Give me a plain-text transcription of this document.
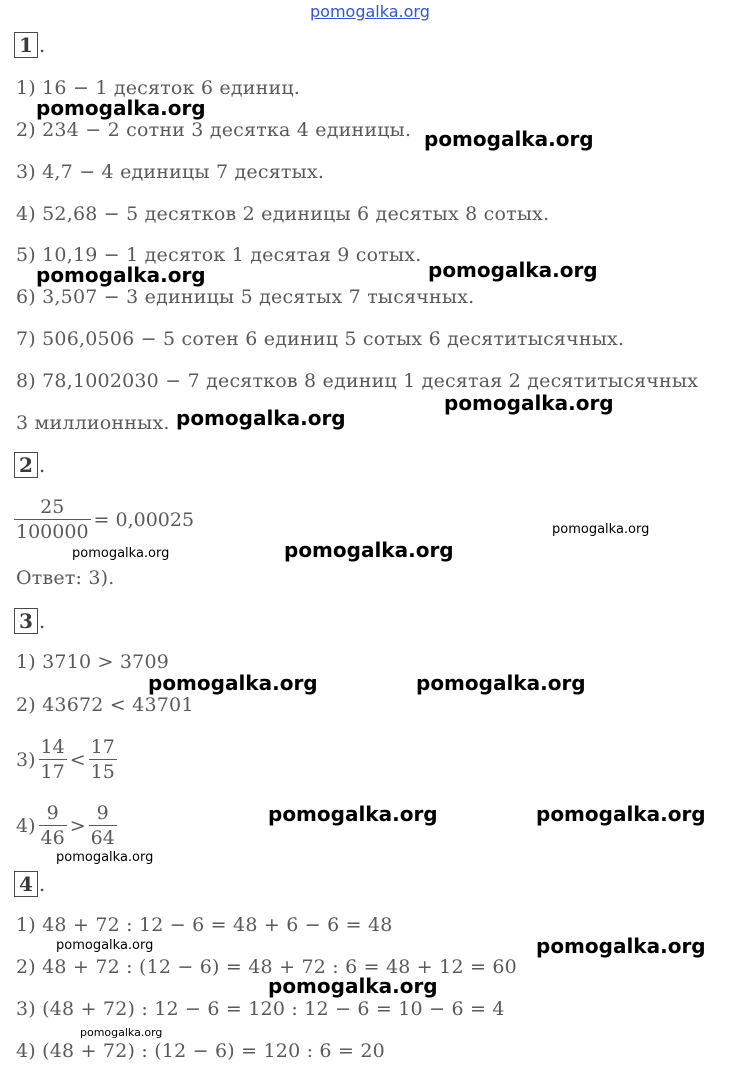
pomogalka.org
1 .
1) 16 − 1 десяток 6 единиц.
2) 234 − 2 сотни 3 десятка 4 единицы.
3) 4,7 − 4 единицы 7 десятых.
4) 52,68 − 5 десятков 2 единицы 6 десятых 8 сотых.
5) 10,19 − 1 десяток 1 десятая 9 сотых.
6) 3,507 − 3 единицы 5 десятых 7 тысячных.
7) 506,0506 − 5 сотен 6 единиц 5 сотых 6 десятитысячных.
8) 78,1002030 − 7 десятков 8 единиц 1 десятая 2 десятитысячных
3 миллионных.
2 .
$\frac{25}{100000} = 0,00025$
Ответ: 3).
3 .
1) 3710 > 3709
2) 43672 < 43701
$3) \frac{14}{17} < \frac{17}{15}$
$4) \frac{9}{46} > \frac{9}{64}$
4 .
1) 48 + 72 : 12 − 6 = 48 + 6 − 6 = 48
2) 48 + 72 : (12 − 6) = 48 + 72 : 6 = 48 + 12 = 60
3) (48 + 72) : 12 − 6 = 120 : 12 − 6 = 10 − 6 = 4
4) (48 + 72) : (12 − 6) = 120 : 6 = 20
pomogalka.org
pomogalka.org
pomogalka.org	pomogalka.org
pomogalka.org
pomogalka.org
pomogalka.org
pomogalka.org	pomogalka.org
pomogalka.org	pomogalka.org
pomogalka.org
pomogalka.org
pomogalka.org
pomogalka.org
pomogalka.org
pomogalka.org
pomogalka.org
